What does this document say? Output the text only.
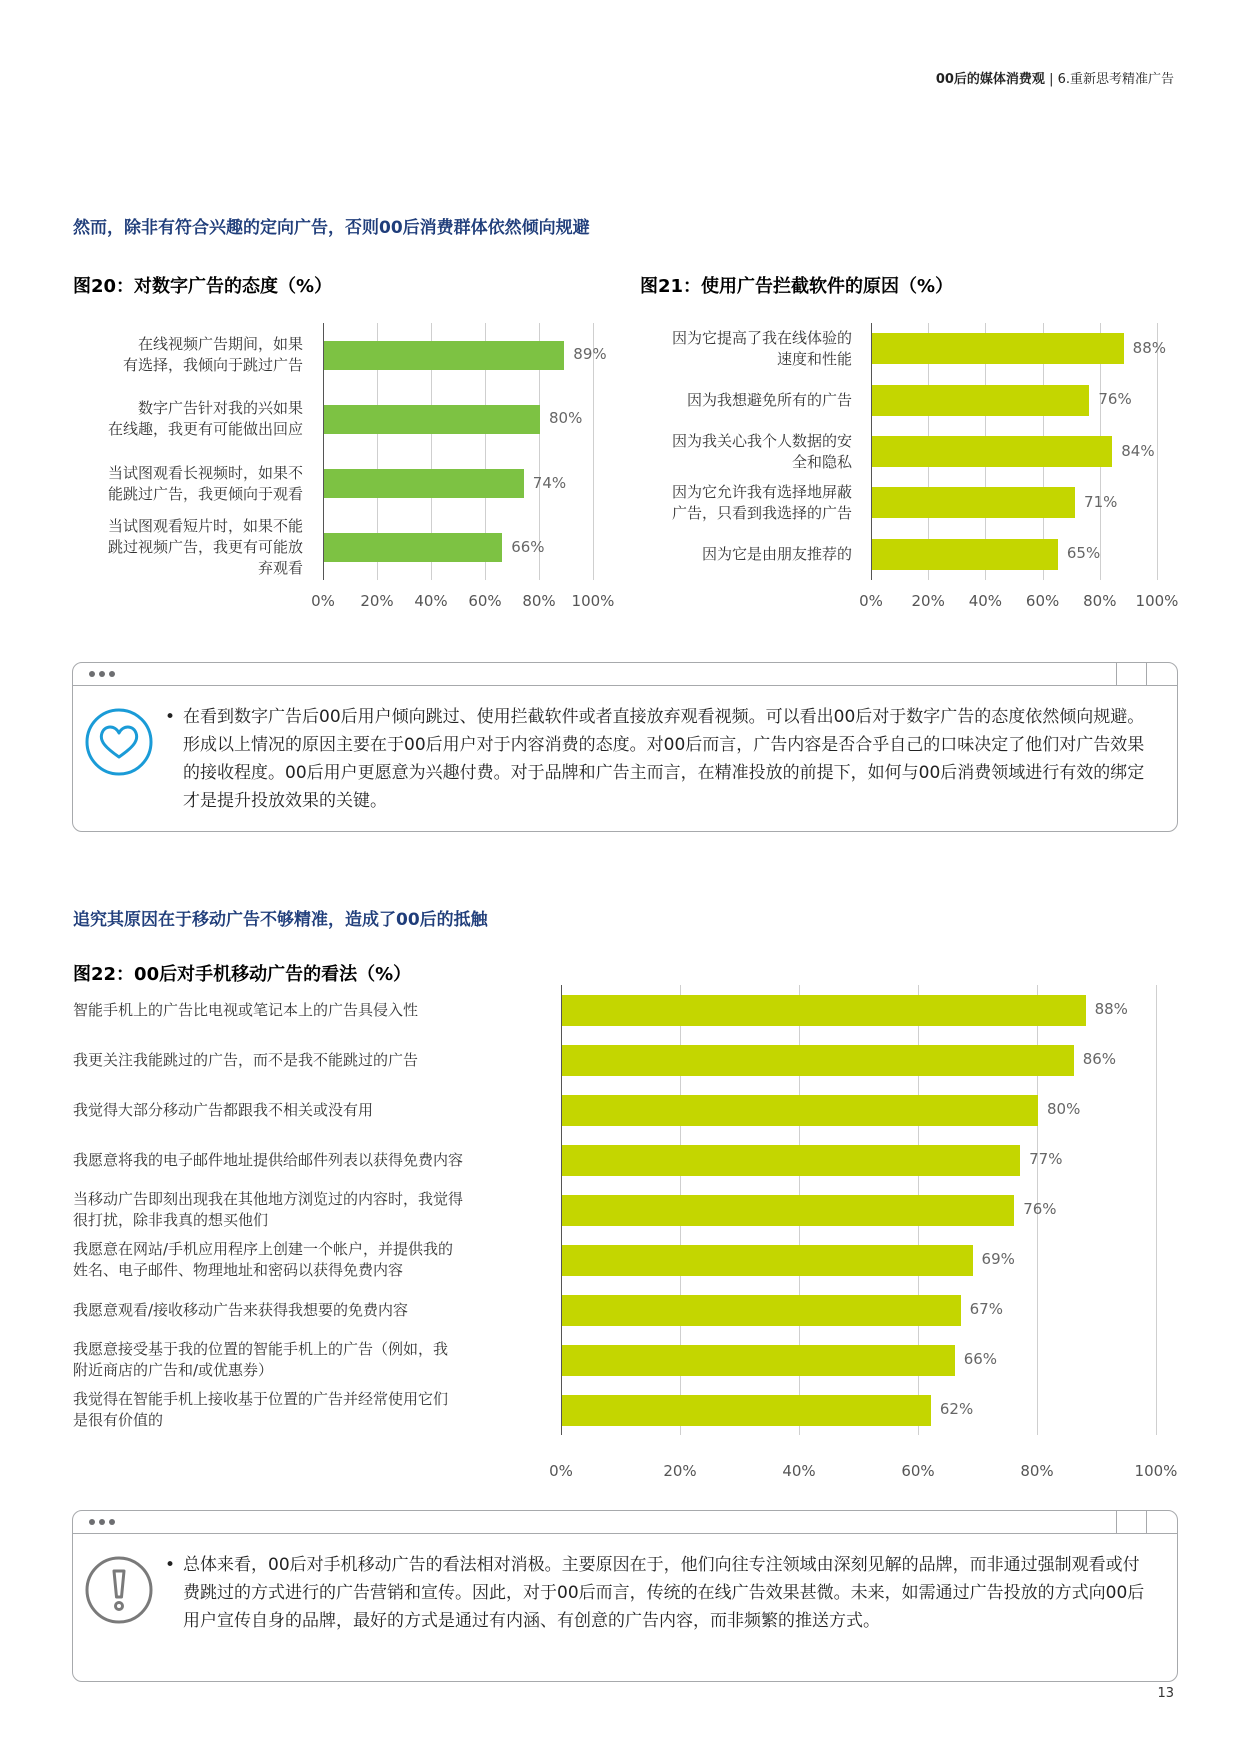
00后的媒体消费观 | 6.重新思考精准广告
然而，除非有符合兴趣的定向广告，否则00后消费群体依然倾向规避
图20：对数字广告的态度（%）	图21：使用广告拦截软件的原因（%）
0% 20% 40% 60% 80% 100%
89%
在线视频广告期间，如果
有选择，我倾向于跳过广告
80%
数字广告针对我的兴如果
在线趣，我更有可能做出回应
74%
当试图观看长视频时，如果不
能跳过广告，我更倾向于观看
66%
当试图观看短片时，如果不能
跳过视频广告，我更有可能放
弃观看
0% 20% 40% 60% 80% 100%
88%
因为它提高了我在线体验的
速度和性能
76%
因为我想避免所有的广告
84%
因为我关心我个人数据的安
全和隐私
71%
因为它允许我有选择地屏蔽
广告，只看到我选择的广告
65%
因为它是由朋友推荐的
• 在看到数字广告后00后用户倾向跳过、使用拦截软件或者直接放弃观看视频。可以看出00后对于数字广告的态度依然倾向规避。形成以上情况的原因主要在于00后用户对于内容消费的态度。对00后而言，广告内容是否合乎自己的口味决定了他们对广告效果的接收程度。00后用户更愿意为兴趣付费。对于品牌和广告主而言，在精准投放的前提下，如何与00后消费领域进行有效的绑定才是提升投放效果的关键。
追究其原因在于移动广告不够精准，造成了00后的抵触
图22：00后对手机移动广告的看法（%）
0%	20%	40%	60%	80%	100%
88%
智能手机上的广告比电视或笔记本上的广告具侵入性
86%
我更关注我能跳过的广告，而不是我不能跳过的广告
80%
我觉得大部分移动广告都跟我不相关或没有用
77%
我愿意将我的电子邮件地址提供给邮件列表以获得免费内容
76%
当移动广告即刻出现我在其他地方浏览过的内容时，我觉得
很打扰，除非我真的想买他们
69%
我愿意在网站/手机应用程序上创建一个帐户，并提供我的
姓名、电子邮件、物理地址和密码以获得免费内容
67%
我愿意观看/接收移动广告来获得我想要的免费内容
66%
我愿意接受基于我的位置的智能手机上的广告（例如，我
附近商店的广告和/或优惠券）
62%
我觉得在智能手机上接收基于位置的广告并经常使用它们
是很有价值的
• 总体来看，00后对手机移动广告的看法相对消极。主要原因在于，他们向往专注领域由深刻见解的品牌，而非通过强制观看或付费跳过的方式进行的广告营销和宣传。因此，对于00后而言，传统的在线广告效果甚微。未来，如需通过广告投放的方式向00后用户宣传自身的品牌，最好的方式是通过有内涵、有创意的广告内容，而非频繁的推送方式。
13
